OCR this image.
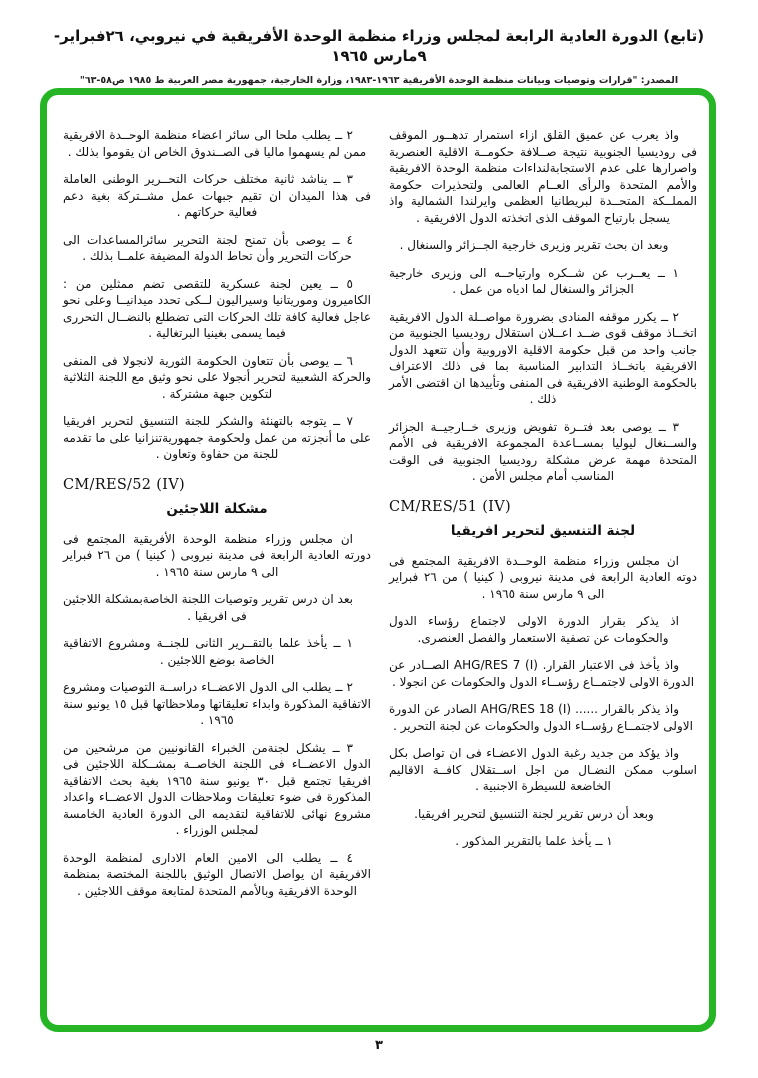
(تابع) الدورة العادية الرابعة لمجلس وزراء منظمة الوحدة الأفريقية في نيروبي، ٢٦فبراير- ٩مارس ١٩٦٥
المصدر: "قرارات وتوصيات وبيانات منظمة الوحدة الأفريقية ١٩٦٣-١٩٨٣، وزارة الخارجية، جمهورية مصر العربية ط ١٩٨٥ ص٥٨-٦٣"
واذ يعرب عن عميق القلق ازاء استمرار تدهــور الموقف فى روديسيا الجنوبية نتيجة صــلافة حكومــة الاقلية العنصرية واصرارها على عدم الاستجابةلنداءات منظمة الوحدة الافريقية والأمم المتحدة والرأى العــام العالمى ولتحذيرات حكومة المملــكة المتحــدة لبريطانيا العظمى وايرلندا الشمالية واذ يسجل بارتياح الموقف الذى اتخذته الدول الافريقية .
وبعد ان بحث تقرير وزيرى خارجية الجــزائر والسنغال .
١ ــ يعــرب عن شــكره وارتياحــه الى وزيرى خارجية الجزائر والسنغال لما ادياه من عمل .
٢ ــ يكرر موقفه المنادى بضرورة مواصــلة الدول الافريقية اتخــاذ موقف قوى ضــد اعــلان استقلال روديسيا الجنوبية من جانب واحد من قبل حكومة الاقلية الاوروبية وأن تتعهد الدول الافريقية باتخــاذ التدابير المناسبة بما فى ذلك الاعتراف بالحكومة الوطنية الافريقية فى المنفى وتأييدها ان اقتضى الأمر ذلك .
٣ ــ يوصى بعد فتــرة تفويض وزيرى خــارجيــة الجزائر والســنغال ليوليا بمســاعدة المجموعة الافريقية فى الأمم المتحدة مهمة عرض مشكلة روديسيا الجنوبية فى الوقت المناسب أمام مجلس الأمن .
CM/RES/51 (IV)
لجنة التنسيق لتحرير افريقيا
ان مجلس وزراء منظمة الوحــدة الافريقية المجتمع فى دوته العادية الرابعة فى مدينة نيروبى ( كينيا ) من ٢٦ فبراير الى ٩ مارس سنة ١٩٦٥ .
اذ يذكر بقرار الدورة الاولى لاجتماع رؤساء الدول والحكومات عن تصفية الاستعمار والفصل العنصرى.
واذ يأخذ فى الاعتبار القرار. ‎AHG/RES 7 (I)‎ الصــادر عن الدورة الاولى لاجتمــاع رؤســاء الدول والحكومات عن انجولا .
واذ يذكر بالقرار ...... ‎AHG/RES 18 (I)‎ الصادر عن الدورة الاولى لاجتمــاع رؤســاء الدول والحكومات عن لجنة التحرير .
واذ يؤكد من جديد رغبة الدول الاعضـاء فى ان تواصل بكل اسلوب ممكن النضـال من اجل اســتقلال كافــة الاقاليم الخاضعة للسيطرة الاجنبية .
وبعد أن درس تقرير لجنة التنسيق لتحرير افريقيا.
١ ــ يأخذ علما بالتقرير المذكور .
٢ ــ يطلب ملحا الى سائر اعضاء منظمة الوحــدة الافريقية ممن لم يسهموا ماليا فى الصــندوق الخاص ان يقوموا بذلك .
٣ ــ يناشد ثانية مختلف حركات التحــرير الوطنى العاملة فى هذا الميدان ان تقيم جبهات عمل مشــتركة بغية دعم فعالية حركاتهم .
٤ ــ يوصى بأن تمنح لجنة التحرير سائرالمساعدات الى حركات التحرير وأن تحاط الدولة المضيفة علمــا بذلك .
٥ ــ يعين لجنة عسكرية للتقصى تضم ممثلين من : الكاميرون وموريتانيا وسيراليون لــكى تحدد ميدانيــا وعلى نحو عاجل فعالية كافة تلك الحركات التى تضطلع بالنضــال التحررى فيما يسمى بغينيا البرتغالية .
٦ ــ يوصى بأن تتعاون الحكومة الثورية لانجولا فى المنفى والحركة الشعبية لتحرير أنجولا على نحو وثيق مع اللجنة الثلاثية لتكوين جبهة مشتركة .
٧ ــ يتوجه بالتهنئة والشكر للجنة التنسيق لتحرير افريقيا على ما أنجزته من عمل ولحكومة جمهوريةتنزانيا على ما تقدمه للجنة من حفاوة وتعاون .
CM/RES/52 (IV)
مشكلة اللاجئين
ان مجلس وزراء منظمة الوحدة الأفريقية المجتمع فى دورته العادية الرابعة فى مدينة نيروبى ( كينيا ) من ٢٦ فبراير الى ٩ مارس سنة ١٩٦٥ .
بعد ان درس تقرير وتوصيات اللجنة الخاصةبمشكلة اللاجئين فى افريقيا .
١ ــ يأخذ علما بالتقــرير الثانى للجنــة ومشروع الاتفاقية الخاصة بوضع اللاجئين .
٢ ــ يطلب الى الدول الاعضــاء دراســة التوصيات ومشروع الاتفاقية المذكورة وابداء تعليقاتها وملاحظاتها قبل ١٥ يونيو سنة ١٩٦٥ .
٣ ــ يشكل لجنةمن الخبراء القانونيين من مرشحين من الدول الاعضــاء فى اللجنة الخاصــة بمشــكلة اللاجئين فى افريقيا تجتمع قبل ٣٠ يونيو سنة ١٩٦٥ بغية بحث الاتفاقية المذكورة فى ضوء تعليقات وملاحظات الدول الاعضــاء واعداد مشروع نهائى للاتفاقية لتقديمه الى الدورة العادية الخامسة لمجلس الوزراء .
٤ ــ يطلب الى الامين العام الادارى لمنظمة الوحدة الافريقية ان يواصل الاتصال الوثيق باللجنة المختصة بمنظمة الوحدة الافريقية وبالأمم المتحدة لمتابعة موقف اللاجئين .
٣
